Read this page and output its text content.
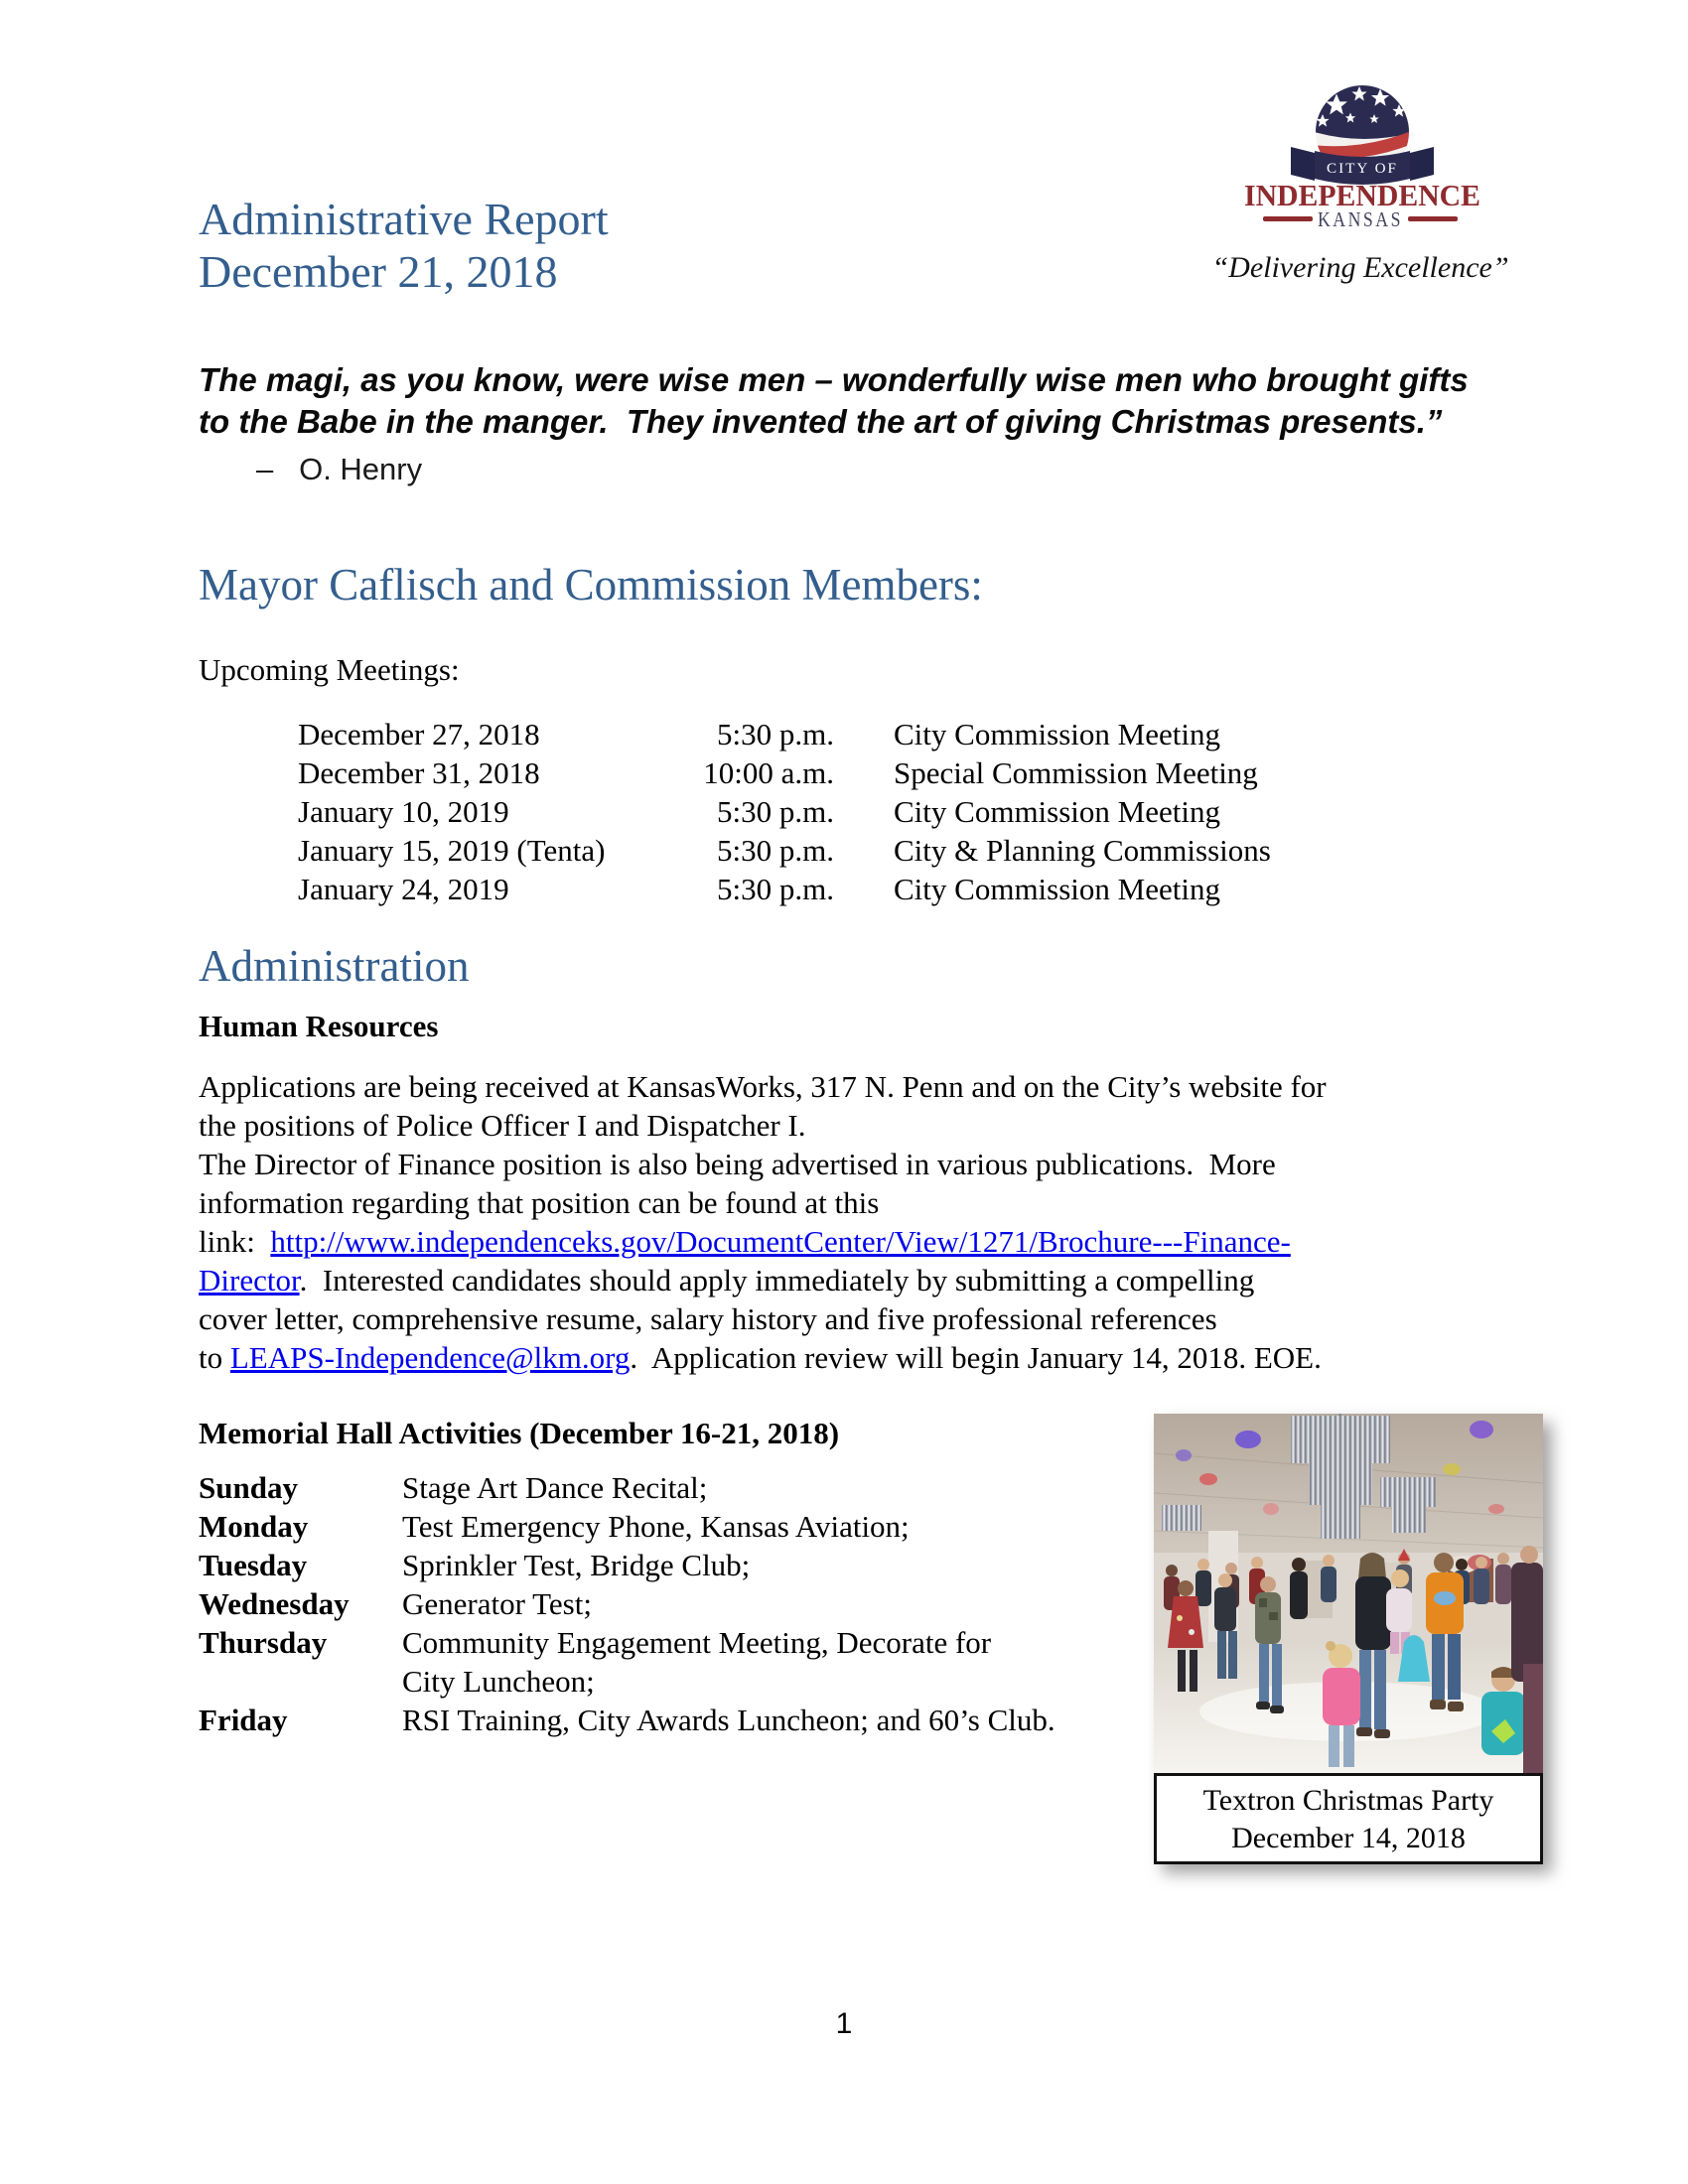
Administrative Report
December 21, 2018
CITY OF
INDEPENDENCE
KANSAS
“Delivering Excellence”
The magi, as you know, were wise men – wonderfully wise men who brought gifts
to the Babe in the manger.  They invented the art of giving Christmas presents.”
–   O. Henry
Mayor Caflisch and Commission Members:
Upcoming Meetings:
December 27, 2018	5:30 p.m. City Commission Meeting
December 31, 2018	10:00 a.m. Special Commission Meeting
January 10, 2019	5:30 p.m. City Commission Meeting
January 15, 2019 (Tenta)	5:30 p.m. City & Planning Commissions
January 24, 2019	5:30 p.m. City Commission Meeting
Administration
Human Resources
Applications are being received at KansasWorks, 317 N. Penn and on the City’s website for
the positions of Police Officer I and Dispatcher I.
The Director of Finance position is also being advertised in various publications.  More
information regarding that position can be found at this
link:  http://www.independenceks.gov/DocumentCenter/View/1271/Brochure---Finance-
Director.  Interested candidates should apply immediately by submitting a compelling
cover letter, comprehensive resume, salary history and five professional references
to LEAPS-Independence@lkm.org.  Application review will begin January 14, 2018. EOE.
Memorial Hall Activities (December 16-21, 2018)
Sunday	Stage Art Dance Recital;
Monday	Test Emergency Phone, Kansas Aviation;
Tuesday	Sprinkler Test, Bridge Club;
Wednesday	Generator Test;
Thursday	Community Engagement Meeting, Decorate for
City Luncheon;
Friday	RSI Training, City Awards Luncheon; and 60’s Club.
Textron Christmas Party
December 14, 2018
1
